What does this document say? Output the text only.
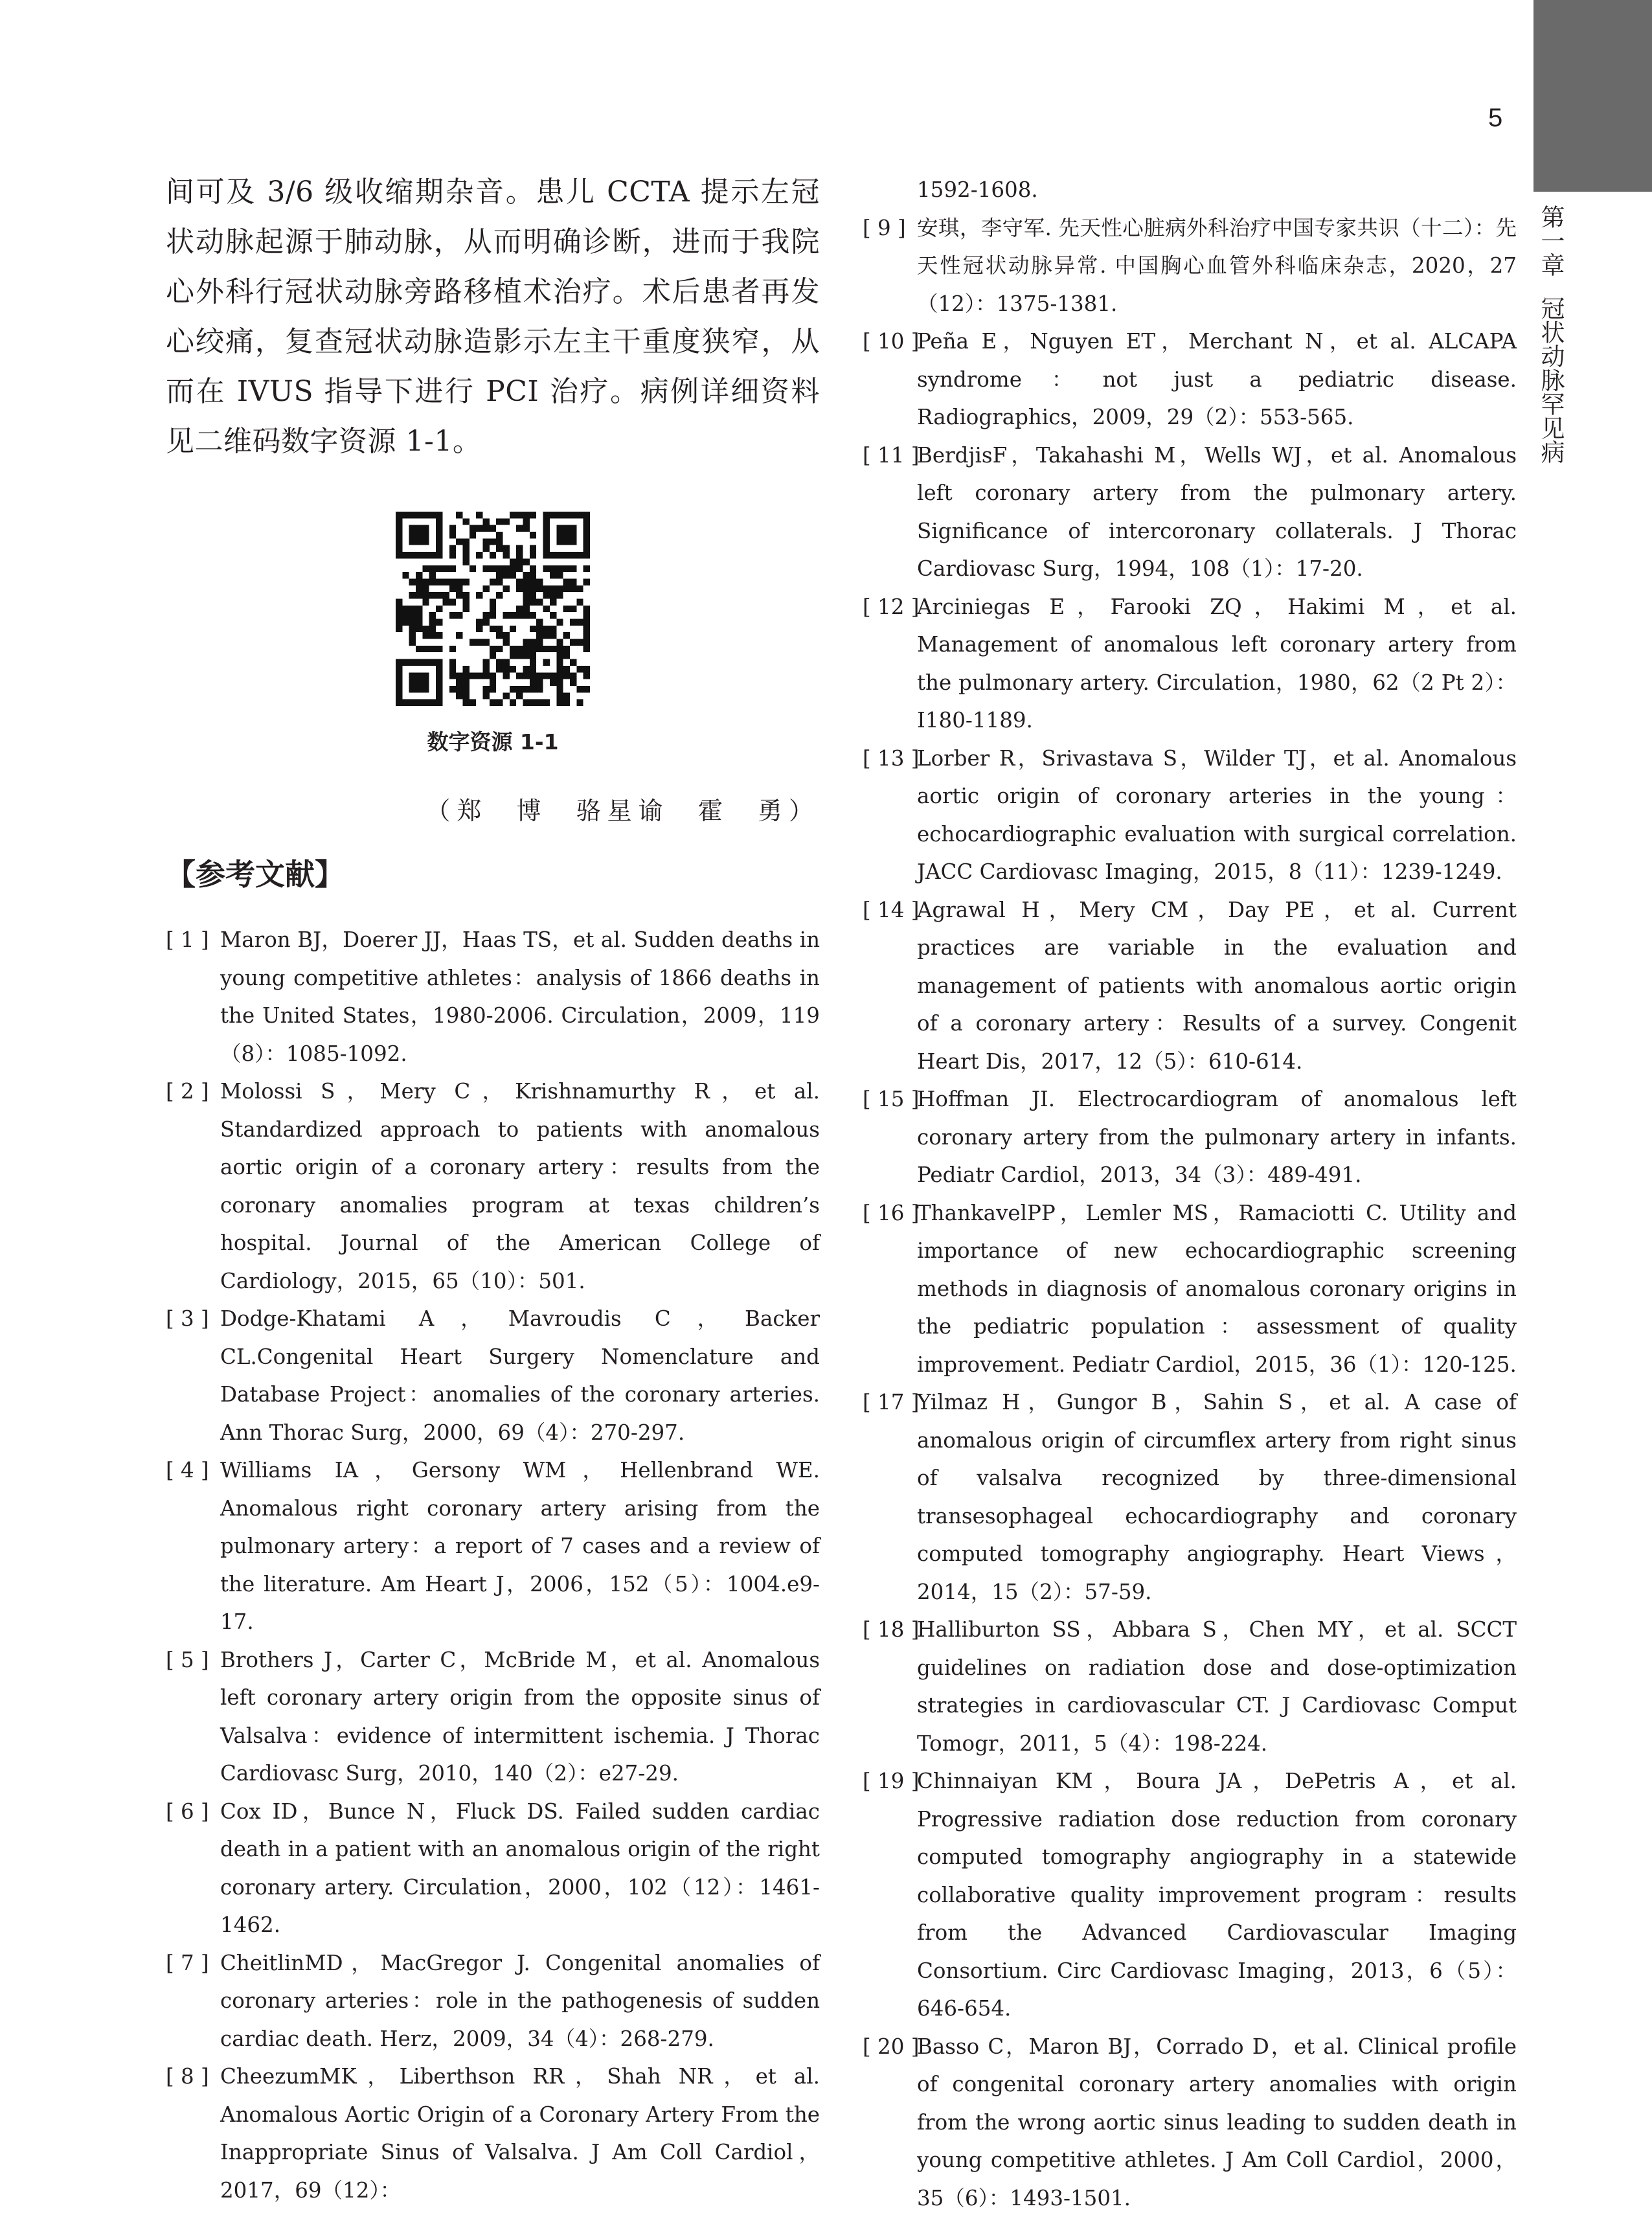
5
第一章
冠状动脉罕见病

间可及 3/6 级收缩期杂音。患儿 CCTA 提示左冠状动脉起源于肺动脉，从而明确诊断，进而于我院心外科行冠状动脉旁路移植术治疗。术后患者再发心绞痛，复查冠状动脉造影示左主干重度狭窄，从而在 IVUS 指导下进行 PCI 治疗。病例详细资料见二维码数字资源 1-1。

数字资源 1-1
（郑  博  骆星谕  霍  勇）
【参考文献】
[ 1 ] Maron BJ，Doerer JJ，Haas TS，et al. Sudden deaths in young competitive athletes：analysis of 1866 deaths in the United States，1980-2006. Circulation，2009，119（8）：1085-1092.
[ 2 ] Molossi S，Mery C，Krishnamurthy R，et al. Standardized approach to patients with anomalous aortic origin of a coronary artery：results from the coronary anomalies program at texas children’s hospital. Journal of the American College of Cardiology，2015，65（10）：501.
[ 3 ] Dodge-Khatami A，Mavroudis C，Backer CL.Congenital Heart Surgery Nomenclature and Database Project：anomalies of the coronary arteries. Ann Thorac Surg，2000，69（4）：270-297.
[ 4 ] Williams IA，Gersony WM，Hellenbrand WE. Anomalous right coronary artery arising from the pulmonary artery：a report of 7 cases and a review of the literature. Am Heart J，2006，152（5）：1004.e9-17.
[ 5 ] Brothers J，Carter C，McBride M，et al. Anomalous left coronary artery origin from the opposite sinus of Valsalva：evidence of intermittent ischemia. J Thorac Cardiovasc Surg，2010，140（2）：e27-29.
[ 6 ] Cox ID，Bunce N，Fluck DS. Failed sudden cardiac death in a patient with an anomalous origin of the right coronary artery. Circulation，2000，102（12）：1461-1462.
[ 7 ] CheitlinMD，MacGregor J. Congenital anomalies of coronary arteries：role in the pathogenesis of sudden cardiac death. Herz，2009，34（4）：268-279.
[ 8 ] CheezumMK，Liberthson RR，Shah NR，et al. Anomalous Aortic Origin of a Coronary Artery From the Inappropriate Sinus of Valsalva. J Am Coll Cardiol，2017，69（12）：

1592-1608.

[ 9 ] 安琪，李守军. 先天性心脏病外科治疗中国专家共识（十二）：先天性冠状动脉异常. 中国胸心血管外科临床杂志，2020，27（12）：1375-1381.
[ 10 ]
Peña E，Nguyen ET，Merchant N，et al. ALCAPA syndrome：not just a pediatric disease. Radiographics，2009，29（2）：553-565.
[ 11 ]
BerdjisF，Takahashi M，Wells WJ，et al. Anomalous left coronary artery from the pulmonary artery. Significance of intercoronary collaterals. J Thorac Cardiovasc Surg，1994，108（1）：17-20.
[ 12 ]
Arciniegas E，Farooki ZQ，Hakimi M，et al. Management of anomalous left coronary artery from the pulmonary artery. Circulation，1980，62（2 Pt 2）：I180-1189.
[ 13 ]
Lorber R，Srivastava S，Wilder TJ，et al. Anomalous aortic origin of coronary arteries in the young：echocardiographic evaluation with surgical correlation. JACC Cardiovasc Imaging，2015，8（11）：1239-1249.
[ 14 ]
Agrawal H，Mery CM，Day PE，et al. Current practices are variable in the evaluation and management of patients with anomalous aortic origin of a coronary artery：Results of a survey. Congenit Heart Dis，2017，12（5）：610-614.
[ 15 ]
Hoffman JI. Electrocardiogram of anomalous left coronary artery from the pulmonary artery in infants. Pediatr Cardiol，2013，34（3）：489-491.
[ 16 ]
ThankavelPP，Lemler MS，Ramaciotti C. Utility and importance of new echocardiographic screening methods in diagnosis of anomalous coronary origins in the pediatric population：assessment of quality improvement. Pediatr Cardiol，2015，36（1）：120-125.
[ 17 ]
Yilmaz H，Gungor B，Sahin S，et al. A case of anomalous origin of circumflex artery from right sinus of valsalva recognized by three-dimensional transesophageal echocardiography and coronary computed tomography angiography. Heart Views，2014，15（2）：57-59.
[ 18 ]
Halliburton SS，Abbara S，Chen MY，et al. SCCT guidelines on radiation dose and dose-optimization strategies in cardiovascular CT. J Cardiovasc Comput Tomogr，2011，5（4）：198-224.
[ 19 ]
Chinnaiyan KM，Boura JA，DePetris A，et al. Progressive radiation dose reduction from coronary computed tomography angiography in a statewide collaborative quality improvement program：results from the Advanced Cardiovascular Imaging Consortium. Circ Cardiovasc Imaging，2013，6（5）：646-654.
[ 20 ]
Basso C，Maron BJ，Corrado D，et al. Clinical profile of congenital coronary artery anomalies with origin from the wrong aortic sinus leading to sudden death in young competitive athletes. J Am Coll Cardiol，2000，35（6）：1493-1501.
